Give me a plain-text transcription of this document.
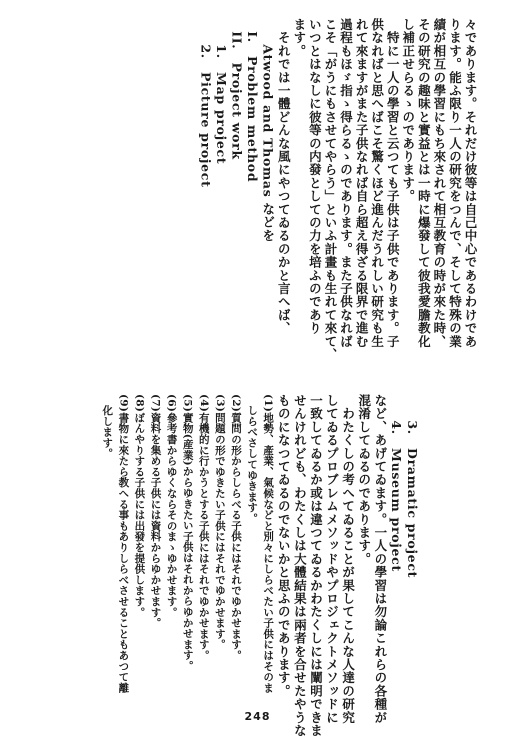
々であります。それだけ彼等は自己中心であるわけであ
ります。能ふ限り一人の研究をつんで、そして特殊の業
績が相互の學習にもち來されて相互教育の時が來た時、
その研究の趣味と實益とは一時に爆發して彼我愛膽教化
し補正せらるゝのであります。
　特に一人の學習と云つても子供は子供であります。子
供なればと思へばこそ驚くほど進んだうれしい研究も生
れて來ますがまた子供なれば自ら超え得ざる限界で進む
過程もほゞ指ゝ得らるゝのであります。また子供なれば
こそ「がうにもさせてやらう」といふ計畫も生れて來て、
いつとはなしに彼等の内發としての力を培ふのであり
ます。
　それでは一體どんな風にやつてゐるのかと言へば、
　　Atwood and Thomas などを
　I.　Problem method
　II.　Project work
　　1.　Map project
　　2.　Picture project
　　3.　Dramatic project
　　4.　Museum project
など、あげてゐます。一人の學習は勿論これらの各種が
混淆してゐるのであります。
　わたくしの考へてゐることが果してこんな人達の研究
してゐるプロブレムメソッドやプロジェクトメソッドに
一致してゐるか或は違つてゐるかわたくしには闡明できま
せんけれども、わたくしは大體結果は兩者を合せたやうな
ものになつてゐるのでないかと思ふのであります。
(1)地勢、產業、氣候などと別々にしらべたい子供にはそのま
　しらべさしてゆきます。
(2)質問の形からしらべる子供にはそれでゆかせます。
(3)問題の形でゆきたい子供にはそれでゆかせます。
(4)有機的に行かうとする子供にはそれでゆかせます。
(5)實物(産業)からゆきたい子供はそれからゆかせます。
(6)參考書からゆくならそのまゝゆかせます。
(7)資料を集める子供には資料からゆかせます。
(8)ぼんやりする子供には出發を提供します。
(9)書物に來たら教へる事もありしらべさせることもあつて離
　化します。
248
